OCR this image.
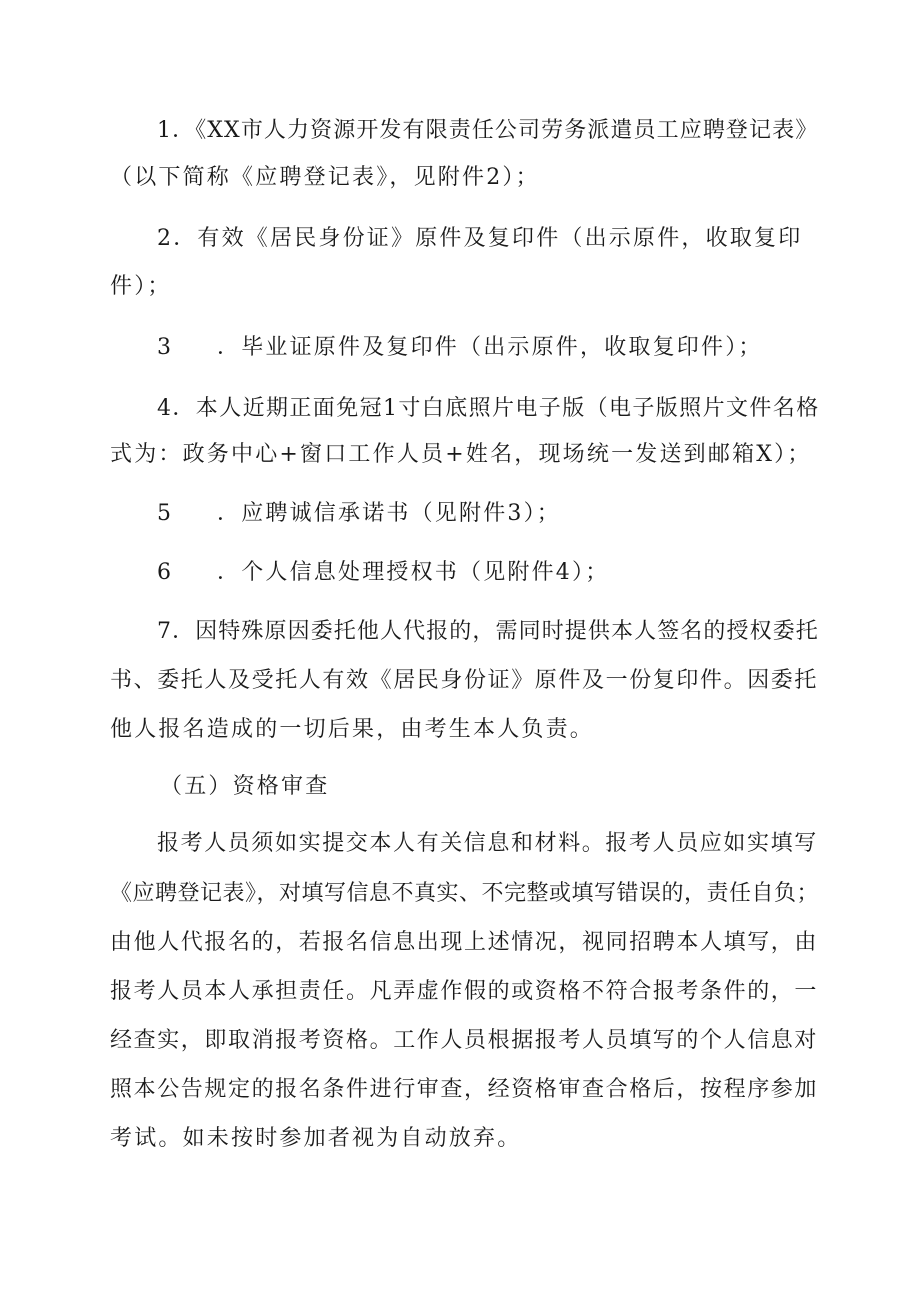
1．《XX市人力资源开发有限责任公司劳务派遣员工应聘登记表》
（以下简称《应聘登记表》，见附件2）；
2．有效《居民身份证》原件及复印件（出示原件，收取复印
件）；
3 ．毕业证原件及复印件（出示原件，收取复印件）；
4．本人近期正面免冠1寸白底照片电子版（电子版照片文件名格
式为：政务中心+窗口工作人员+姓名，现场统一发送到邮箱X）；
5 ．应聘诚信承诺书（见附件3）；
6 ．个人信息处理授权书（见附件4）；
7．因特殊原因委托他人代报的，需同时提供本人签名的授权委托
书、委托人及受托人有效《居民身份证》原件及一份复印件。因委托
他人报名造成的一切后果，由考生本人负责。
（五）资格审查
报考人员须如实提交本人有关信息和材料。报考人员应如实填写
《应聘登记表》，对填写信息不真实、不完整或填写错误的，责任自负；
由他人代报名的，若报名信息出现上述情况，视同招聘本人填写，由
报考人员本人承担责任。凡弄虚作假的或资格不符合报考条件的，一
经查实，即取消报考资格。工作人员根据报考人员填写的个人信息对
照本公告规定的报名条件进行审查，经资格审查合格后，按程序参加
考试。如未按时参加者视为自动放弃。
